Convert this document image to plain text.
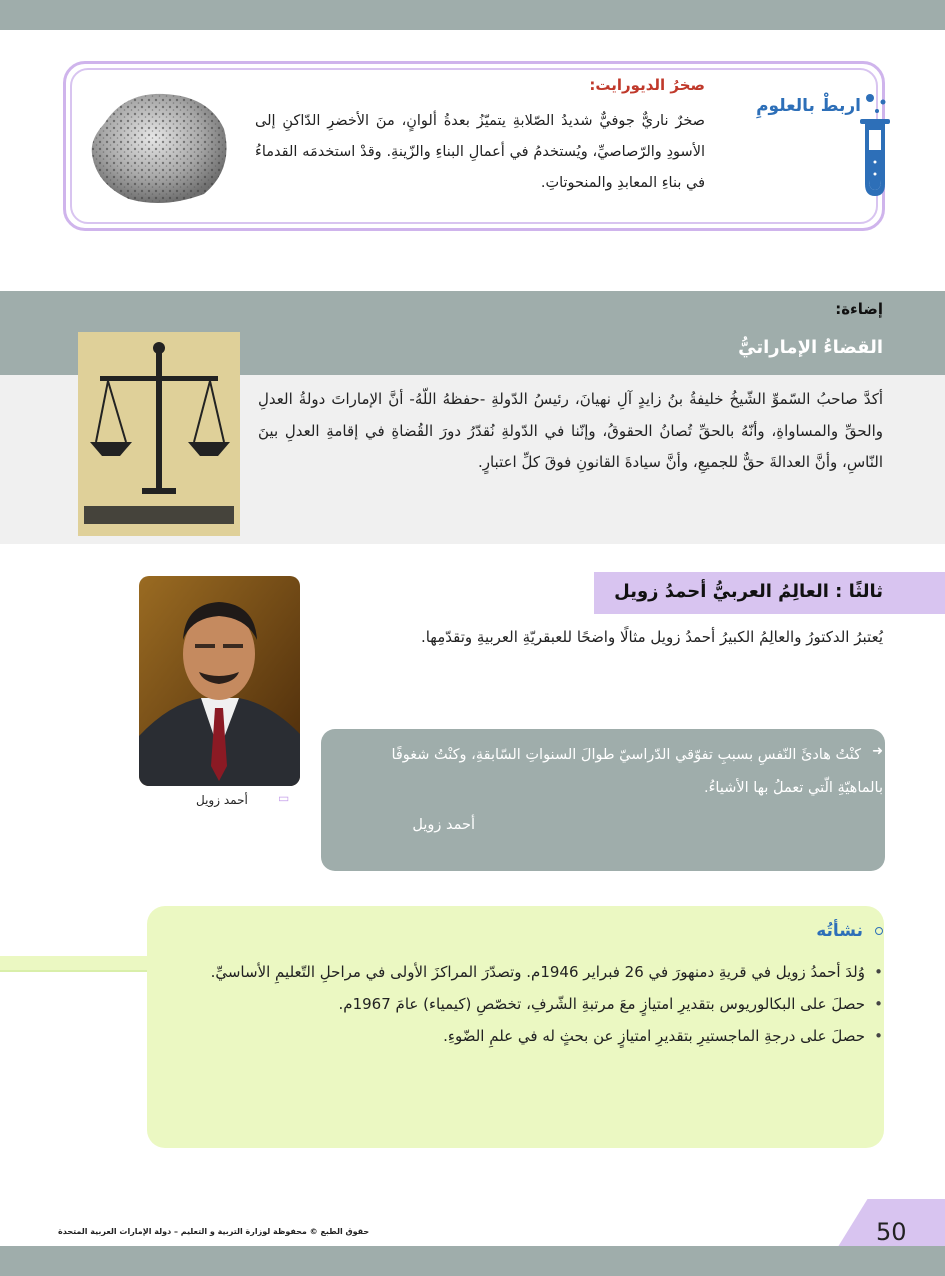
اربطْ بالعلومِ
صخرُ الديورايت:

صخرٌ ناريٌّ جوفيٌّ شديدُ الصّلابةِ يتميّزُ بعدةُ ألوانٍ، منَ الأخضرِ الدّاكنِ إلى الأسودِ والرّصاصيِّ، ويُستخدمُ في أعمالِ البناءِ والزّينةِ. وقدْ استخدمَه القدماءُ في بناءِ المعابدِ والمنحوتاتِ.

إضاءة:
القضاءُ الإماراتيُّ

أكدَّ صاحبُ السّموِّ الشّيخُ خليفةُ بنُ زايدٍ آلِ نهيانَ، رئيسُ الدّولةِ -حفظهُ اللّهُ- أنَّ الإماراتَ دولةُ العدلِ والحقِّ والمساواةِ، وأنّهُ بالحقِّ تُصانُ الحقوقُ، وإنّنا في الدّولةِ نُقدّرُ دورَ القُضاةِ في إقامةِ العدلِ بينَ النّاسِ، وأنَّ العدالةَ حقٌّ للجميعِ، وأنَّ سيادةَ القانونِ فوقَ كلِّ اعتبارٍ.

ثالثًا : العالِمُ العربيُّ أحمدُ زويل

يُعتبرُ الدكتورُ والعالِمُ الكبيرُ أحمدُ زويل مثالًا واضحًا للعبقريّةِ العربيةِ وتقدّمِها.

▭
أحمد زويل
➜

كنْتُ هادئَ النّفسِ بسببِ تفوّقي الدّراسيّ طوالَ السنواتِ السّابقةِ، وكنْتُ شغوفًا بالماهيّةِ الّتي تعملُ بها الأشياءُ.

أحمد زويل
نشأتُه
• وُلدَ أحمدُ زويل في قريةِ دمنهورَ في 26 فبراير 1946م. وتصدّرَ المراكزَ الأولى في مراحلِ التّعليمِ الأساسيِّ.
• حصلَ على البكالوريوس بتقديرِ امتيازٍ معَ مرتبةِ الشّرفِ، تخصّصِ (كيمياء) عامَ 1967م.
• حصلَ على درجةِ الماجستيرِ بتقديرِ امتيازٍ عن بحثٍ له في علمِ الضّوءِ.
50
حقوق الطبع © محفوظة لوزارة التربية و التعليم – دولة الإمارات العربية المتحدة
